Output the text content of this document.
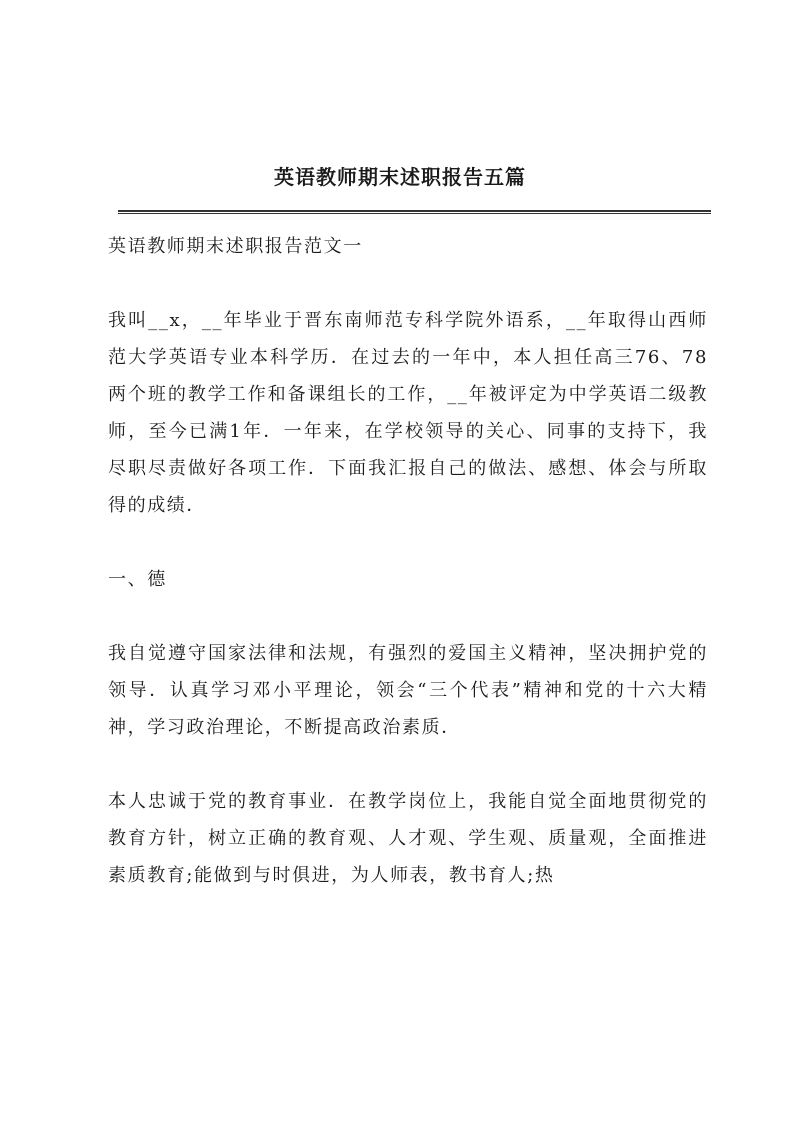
英语教师期末述职报告五篇

英语教师期末述职报告范文一

我叫__x，__年毕业于晋东南师范专科学院外语系，__年取得山西师范大学英语专业本科学历．在过去的一年中，本人担任高三76、78两个班的教学工作和备课组长的工作，__年被评定为中学英语二级教师，至今已满1年．一年来，在学校领导的关心、同事的支持下，我尽职尽责做好各项工作．下面我汇报自己的做法、感想、体会与所取得的成绩．

一、德

我自觉遵守国家法律和法规，有强烈的爱国主义精神，坚决拥护党的领导．认真学习邓小平理论，领会“三个代表”精神和党的十六大精神，学习政治理论，不断提高政治素质．

本人忠诚于党的教育事业．在教学岗位上，我能自觉全面地贯彻党的教育方针，树立正确的教育观、人才观、学生观、质量观，全面推进素质教育;能做到与时俱进，为人师表，教书育人;热
